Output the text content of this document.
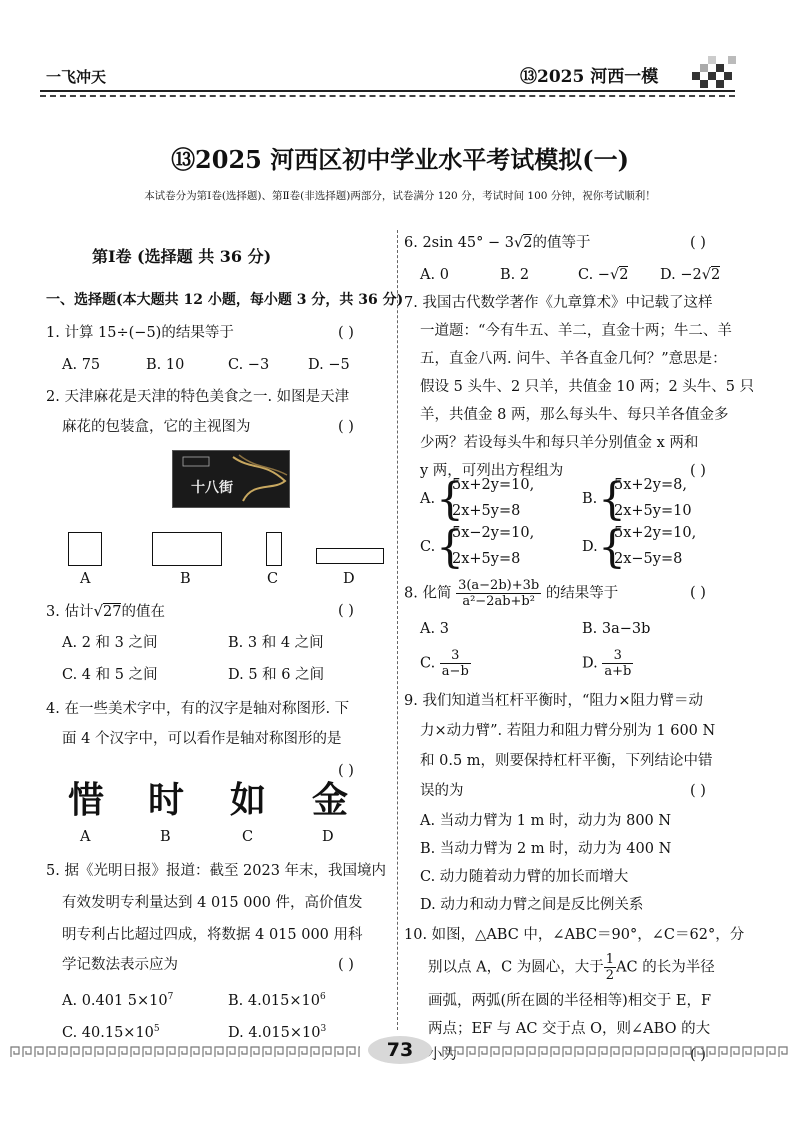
一飞冲天	⑬2025 河西一模
⑬2025 河西区初中学业水平考试模拟(一)
本试卷分为第Ⅰ卷(选择题)、第Ⅱ卷(非选择题)两部分，试卷满分 120 分，考试时间 100 分钟，祝你考试顺利！
第Ⅰ卷 (选择题 共 36 分)
一、选择题(本大题共 12 小题，每小题 3 分，共 36 分)
1. 计算 15÷(−5)的结果等于	( )
A. 75	B. 10	C. −3	D. −5
2. 天津麻花是天津的特色美食之一. 如图是天津
麻花的包装盒，它的主视图为	( )
十八街
A	B	C	D
3. 估计√27的值在	( )
A. 2 和 3 之间	B. 3 和 4 之间
C. 4 和 5 之间	D. 5 和 6 之间
4. 在一些美术字中，有的汉字是轴对称图形. 下
面 4 个汉字中，可以看作是轴对称图形的是
( )
惜 时 如 金
A	B	C	D
5. 据《光明日报》报道：截至 2023 年末，我国境内
有效发明专利量达到 4 015 000 件，高价值发
明专利占比超过四成，将数据 4 015 000 用科
学记数法表示应为	( )
A. 0.401 $5\times 10^7$	B. $4.015\times 10^6$
C. $40.15\times 10^5$	D. $4.015\times 10^3$
6. 2sin 45° − 3√2的值等于	( )
A. 0	B. 2	C. −√2 D. −2√2
7. 我国古代数学著作《九章算术》中记载了这样
一道题：“今有牛五、羊二，直金十两；牛二、羊
五，直金八两. 问牛、羊各直金几何？”意思是：
假设 5 头牛、2 只羊，共值金 10 两；2 头牛、5 只
羊，共值金 8 两，那么每头牛、每只羊各值金多
少两？若设每头牛和每只羊分别值金 x 两和
y 两，可列出方程组为	( )
A. {
5x+2y=10,
2x+5y=8
B. {
5x+2y=8,
2x+5y=10
C. {
5x−2y=10,
2x+5y=8
D. {
5x+2y=10,
2x−5y=8
8. 化简 $\frac{3(a-2b)+3b}{\text{a²−2ab+b²}}$ 的结果等于	( )
A. 3	B. 3a−3b
C. $\frac{3}{a-b}$	D. $\frac{3}{a+b}$
9. 我们知道当杠杆平衡时，“阻力×阻力臂＝动
力×动力臂”. 若阻力和阻力臂分别为 1 600 N
和 0.5 m，则要保持杠杆平衡，下列结论中错
误的为	( )
A. 当动力臂为 1 m 时，动力为 800 N
B. 当动力臂为 2 m 时，动力为 400 N
C. 动力随着动力臂的加长而增大
D. 动力和动力臂之间是反比例关系
10. 如图，△ABC 中，∠ABC＝90°，∠C＝62°，分
别以点 A，C 为圆心，大于 $\frac{1}{2}$ AC 的长为半径
画弧，两弧(所在圆的半径相等)相交于 E，F
两点；EF 与 AC 交于点 O，则∠ABO 的大
73
